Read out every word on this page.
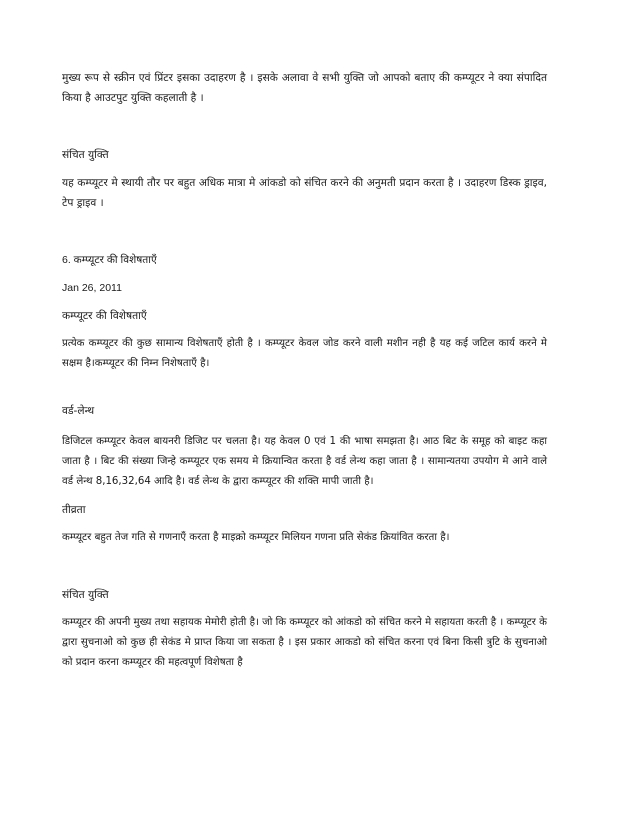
मुख्य रूप से स्क्रीन एवं प्रिंटर इसका उदाहरण है । इसके अलावा वे सभी युक्ति जो आपको बताए की कम्प्यूटर ने क्या संपादित किया है आउटपुट युक्ति कहलाती है ।

संचित युक्ति

यह कम्प्यूटर मे स्थायी तौर पर बहुत अधिक मात्रा मे आंकडो को संचित करने की अनुमती प्रदान करता है । उदाहरण डिस्क ड्राइव, टेप ड्राइव ।

6. कम्प्यूटर की विशेषताएँ

Jan 26, 2011

कम्प्यूटर की विशेषताएँ

प्रत्येक कम्प्यूटर की कुछ सामान्य विशेषताएँ होती है । कम्प्यूटर केवल जोड करने वाली मशीन नही है यह कई जटिल कार्य करने मे सक्षम है।कम्प्यूटर की निम्न निशेषताएँ है।

वर्ड-लेन्थ

डिजिटल कम्प्यूटर केवल बायनरी डिजिट पर चलता है। यह केवल 0 एवं 1 की भाषा समझता है। आठ बिट के समूह को बाइट कहा जाता है । बिट की संख्या जिन्हे कम्प्यूटर एक समय मे क्रियान्वित करता है वर्ड लेन्थ कहा जाता है । सामान्यतया उपयोग मे आने वाले वर्ड लेन्थ 8,16,32,64 आदि है। वर्ड लेन्थ के द्वारा कम्प्यूटर की शक्ति मापी जाती है।

तीव्रता

कम्प्यूटर बहुत तेज गति से गणनाएँ करता है माइक्रो कम्प्यूटर मिलियन गणना प्रति सेकंड क्रियांवित करता है।

संचित युक्ति

कम्प्यूटर की अपनी मुख्य तथा सहायक मेमोरी होती है। जो कि कम्प्यूटर को आंकडो को संचित करने मे सहायता करती है । कम्प्यूटर के द्वारा सुचनाओ को कुछ ही सेकंड मे प्राप्त किया जा सकता है । इस प्रकार आकडो को संचित करना एवं बिना किसी त्रुटि के सुचनाओ को प्रदान करना कम्प्यूटर की महत्वपूर्ण विशेषता है
